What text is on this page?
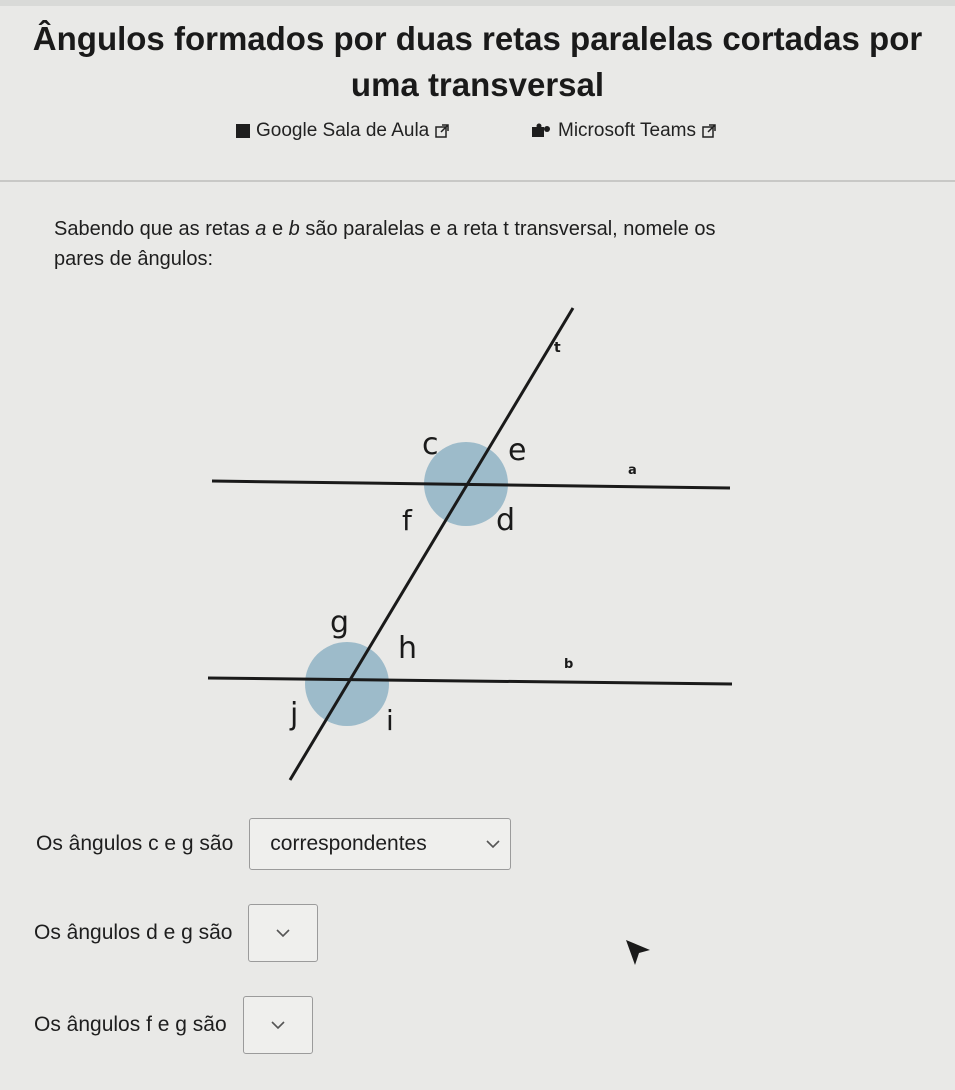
Ângulos formados por duas retas paralelas cortadas por
uma transversal
Google Sala de Aula	Microsoft Teams
Sabendo que as retas a e b são paralelas e a reta t transversal, nomele os
pares de ângulos:
t
c e
a
f	d
g
h	b
j	i
Os ângulos c e g são correspondentes
Os ângulos d e g são
Os ângulos f e g são
